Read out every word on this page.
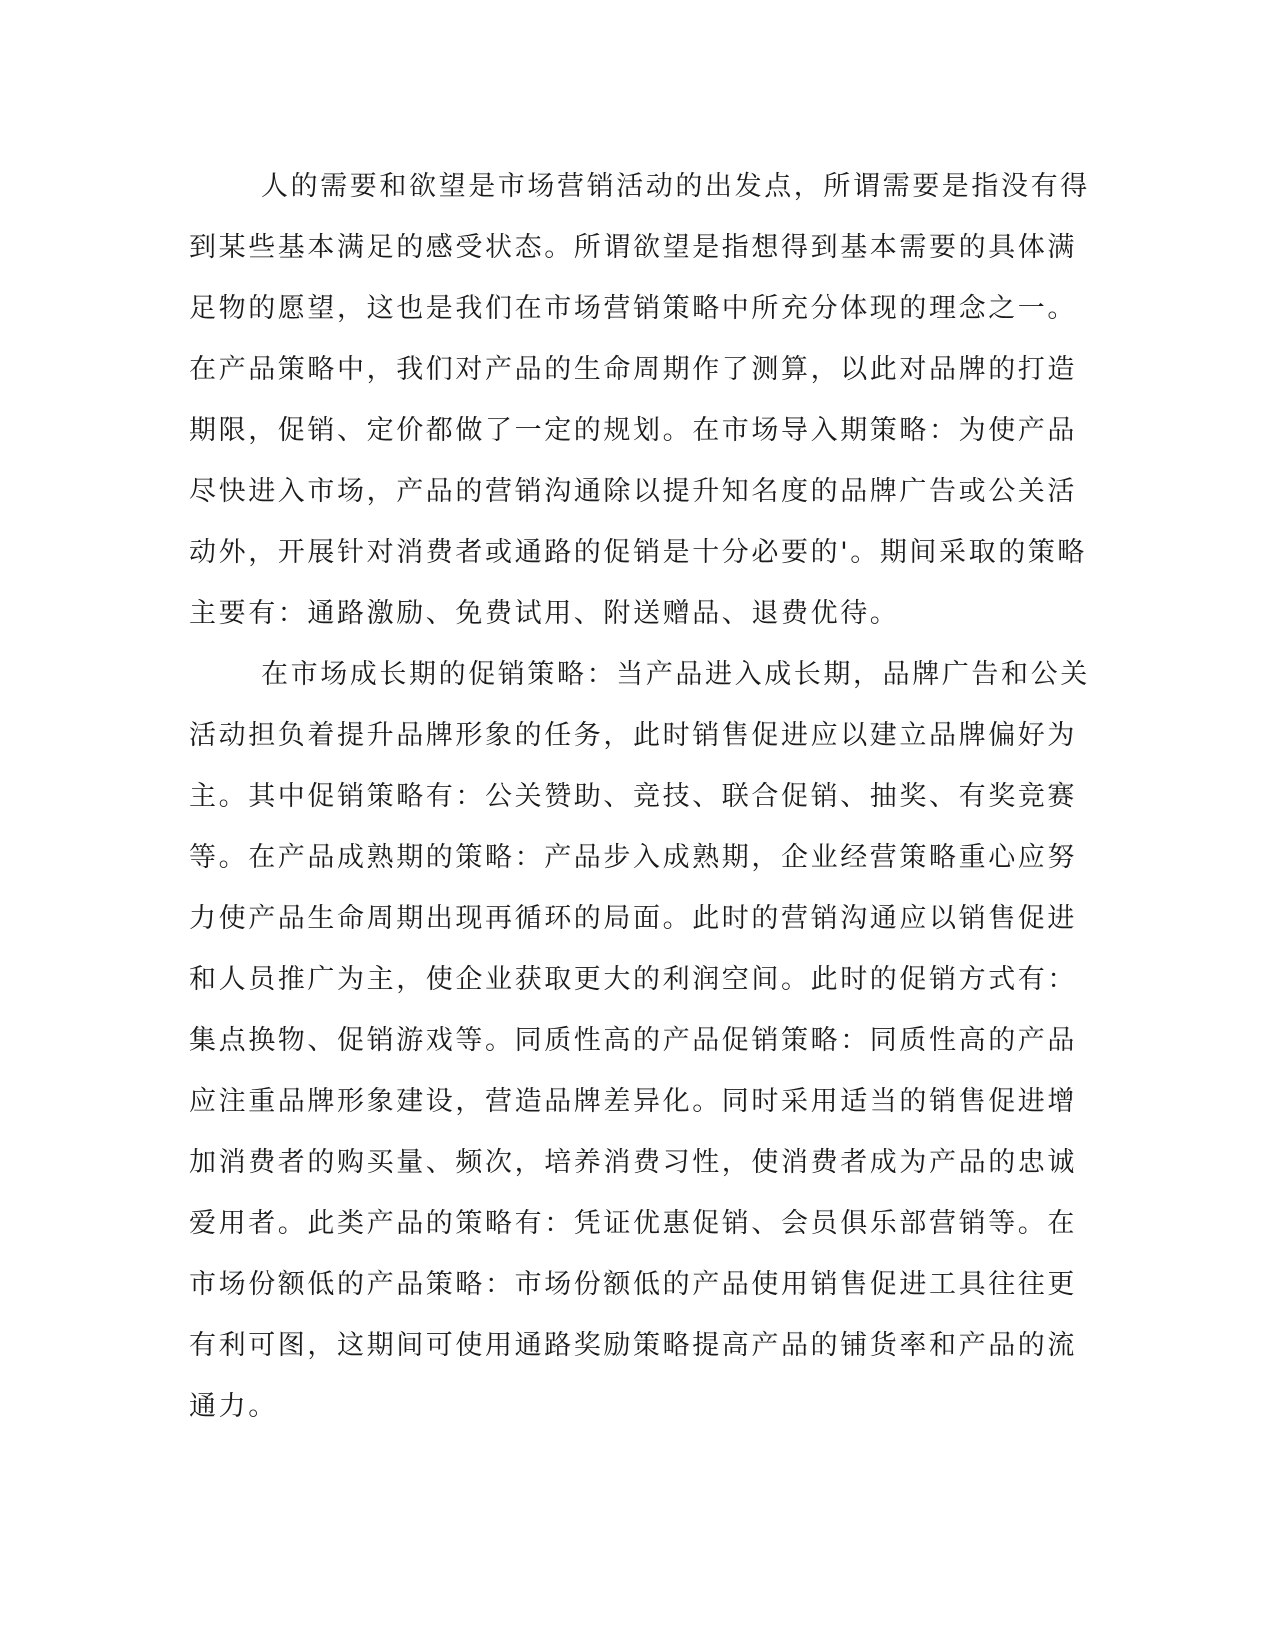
人的需要和欲望是市场营销活动的出发点，所谓需要是指没有得
到某些基本满足的感受状态。所谓欲望是指想得到基本需要的具体满
足物的愿望，这也是我们在市场营销策略中所充分体现的理念之一。
在产品策略中，我们对产品的生命周期作了测算，以此对品牌的打造
期限，促销、定价都做了一定的规划。在市场导入期策略：为使产品
尽快进入市场，产品的营销沟通除以提升知名度的品牌广告或公关活
动外，开展针对消费者或通路的促销是十分必要的'。期间采取的策略
主要有：通路激励、免费试用、附送赠品、退费优待。
在市场成长期的促销策略：当产品进入成长期，品牌广告和公关
活动担负着提升品牌形象的任务，此时销售促进应以建立品牌偏好为
主。其中促销策略有：公关赞助、竞技、联合促销、抽奖、有奖竞赛
等。在产品成熟期的策略：产品步入成熟期，企业经营策略重心应努
力使产品生命周期出现再循环的局面。此时的营销沟通应以销售促进
和人员推广为主，使企业获取更大的利润空间。此时的促销方式有：
集点换物、促销游戏等。同质性高的产品促销策略：同质性高的产品
应注重品牌形象建设，营造品牌差异化。同时采用适当的销售促进增
加消费者的购买量、频次，培养消费习性，使消费者成为产品的忠诚
爱用者。此类产品的策略有：凭证优惠促销、会员俱乐部营销等。在
市场份额低的产品策略：市场份额低的产品使用销售促进工具往往更
有利可图，这期间可使用通路奖励策略提高产品的铺货率和产品的流
通力。
